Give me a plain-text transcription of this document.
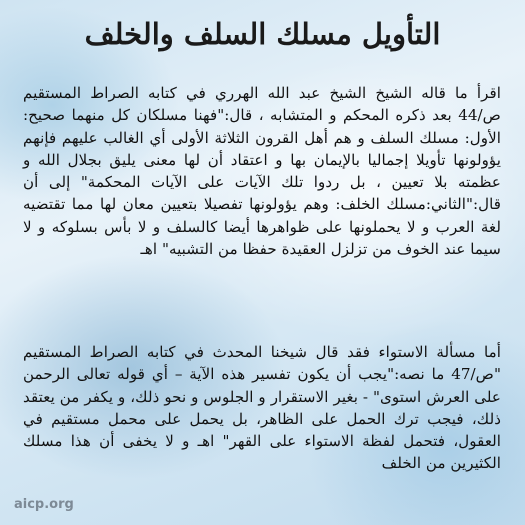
التأويل مسلك السلف والخلف

اقرأ ما قاله الشيخ الشيخ عبد الله الهرري في كتابه الصراط المستقيم ص/44 بعد ذكره المحكم و المتشابه ، قال:"فهنا مسلكان كل منهما صحيح: الأول: مسلك السلف و هم أهل القرون الثلاثة الأولى أي الغالب عليهم فإنهم يؤولونها تأويلا إجماليا بالإيمان بها و اعتقاد أن لها معنى يليق بجلال الله و عظمته بلا تعيين ، بل ردوا تلك الآيات على الآيات المحكمة" إلى أن قال:"الثاني:مسلك الخلف: وهم يؤولونها تفصيلا بتعيين معان لها مما تقتضيه لغة العرب و لا يحملونها على ظواهرها أيضا كالسلف و لا بأس بسلوكه و لا سيما عند الخوف من تزلزل العقيدة حفظا من التشبيه" اهـ

أما مسألة الاستواء فقد قال شيخنا المحدث في كتابه الصراط المستقيم "ص/47 ما نصه:"يجب أن يكون تفسير هذه الآية – أي قوله تعالى الرحمن على العرش استوى" - بغير الاستقرار و الجلوس و نحو ذلك، و يكفر من يعتقد ذلك، فيجب ترك الحمل على الظاهر، بل يحمل على محمل مستقيم في العقول، فتحمل لفظة الاستواء على القهر" اهـ و لا يخفى أن هذا مسلك الكثيرين من الخلف

aicp.org
